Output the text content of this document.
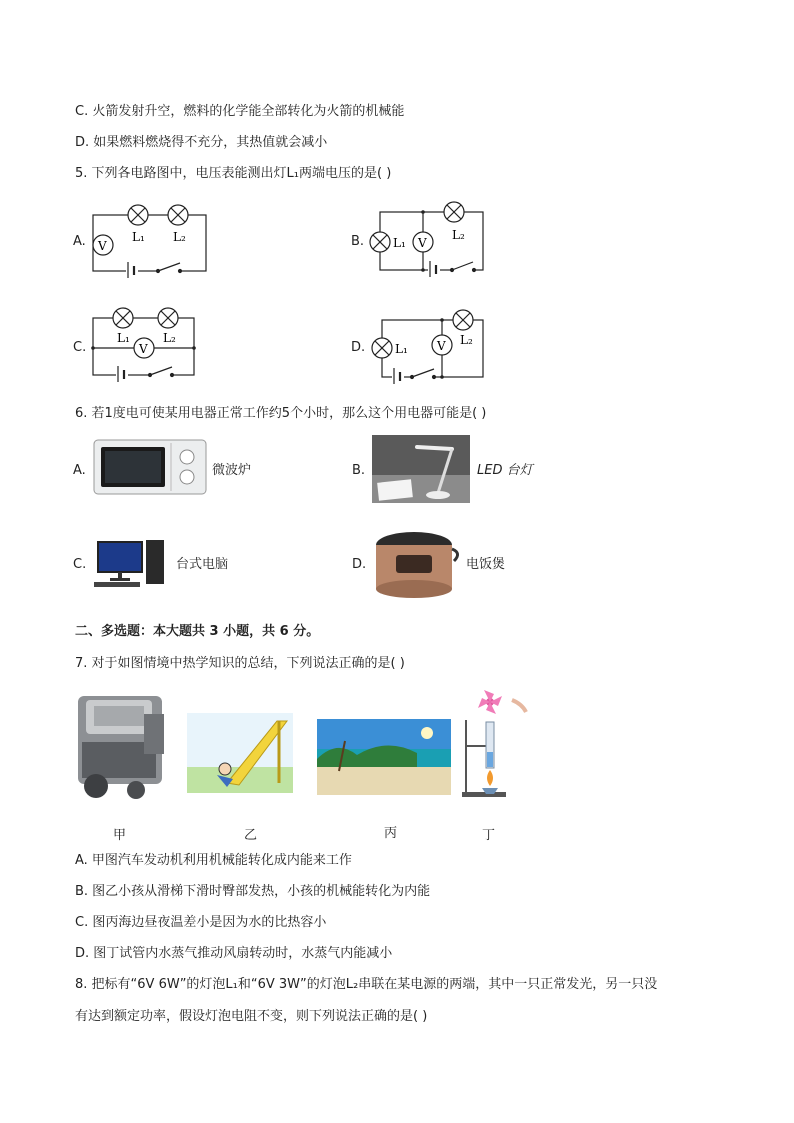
C. 火箭发射升空，燃料的化学能全部转化为火箭的机械能
D. 如果燃料燃烧得不充分，其热值就会减小
5. 下列各电路图中，电压表能测出灯L₁两端电压的是( )
A. V
L₁ L₂	B.	V
L₁
L₂
C.	V
L₁	L₂
D.	V
L₁
L₂
6. 若1度电可使某用电器正常工作约5个小时，那么这个用电器可能是( )
A.	微波炉	B.	LED 台灯
C.	台式电脑	D.	电饭煲
二、多选题：本大题共 3 小题，共 6 分。
7. 对于如图情境中热学知识的总结，下列说法正确的是( )
甲	乙	丙	丁
A. 甲图汽车发动机利用机械能转化成内能来工作
B. 图乙小孩从滑梯下滑时臀部发热，小孩的机械能转化为内能
C. 图丙海边昼夜温差小是因为水的比热容小
D. 图丁试管内水蒸气推动风扇转动时，水蒸气内能减小
8. 把标有“6V 6W”的灯泡L₁和“6V 3W”的灯泡L₂串联在某电源的两端，其中一只正常发光，另一只没
有达到额定功率，假设灯泡电阻不变，则下列说法正确的是( )
